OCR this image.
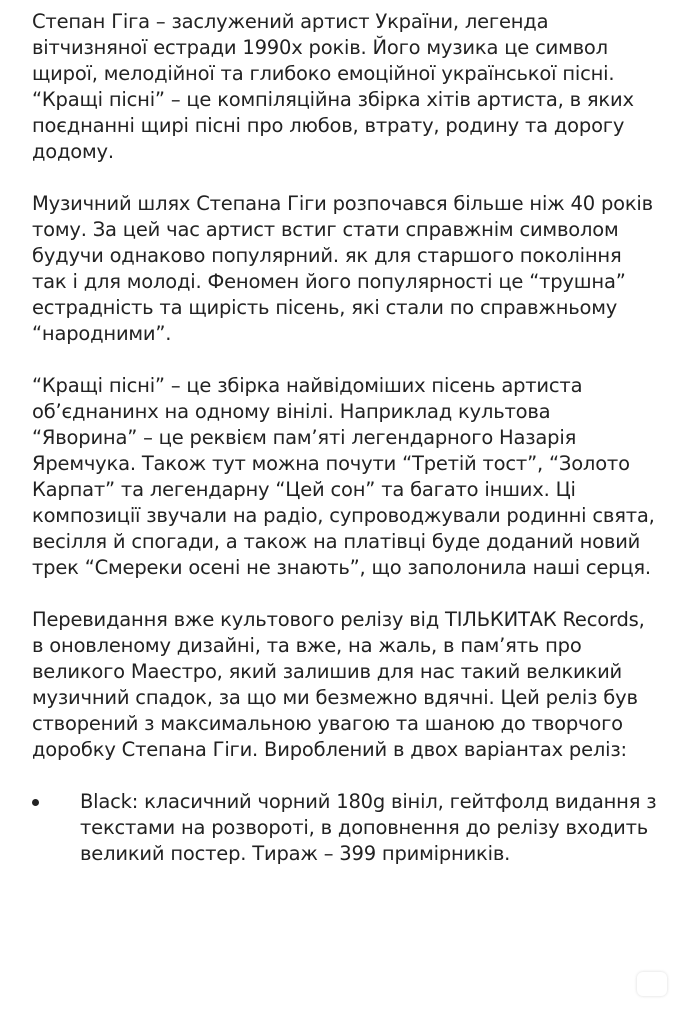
Степан Гіга – заслужений артист України, легенда вітчизняної естради 1990х років. Його музика це символ щирої, мелодійної та глибоко емоційної української пісні. “Кращі пісні” – це компіляційна збірка хітів артиста, в яких поєднанні щирі пісні про любов, втрату, родину та дорогу додому.

Музичний шлях Степана Гіги розпочався більше ніж 40 років тому. За цей час артист встиг стати справжнім символом будучи однаково популярний. як для старшого покоління так і для молоді. Феномен його популярності це “трушна” естрадність та щирість пісень, які стали по справжньому “народними”.

“Кращі пісні” – це збірка найвідоміших пісень артиста об’єднанинх на одному вінілі. Наприклад культова “Яворина” – це реквієм пам’яті легендарного Назарія Яремчука. Також тут можна почути “Третій тост”, “Золото Карпат” та легендарну “Цей сон” та багато інших. Ці композиції звучали на радіо, супроводжували родинні свята, весілля й спогади, а також на платівці буде доданий новий трек “Смереки осені не знають”, що заполонила наші серця.

Перевидання вже культового релізу від ТІЛЬКИТАК Records, в оновленому дизайні, та вже, на жаль, в пам’ять про великого Маестро, який залишив для нас такий велкикий музичний спадок, за що ми безмежно вдячні. Цей реліз був створений з максимальною увагою та шаною до творчого доробку Степана Гіги. Вироблений в двох варіантах реліз:

Black: класичний чорний 180g вініл, гейтфолд видання з текстами на розвороті, в доповнення до релізу входить великий постер. Тираж – 399 примірників.
